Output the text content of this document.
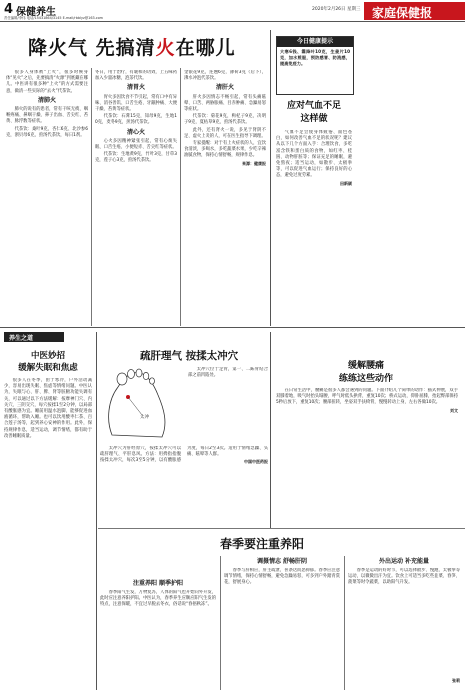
4 保健养生
责任编辑/李伟 电话/15431864/3145 E-mail/rbblyz@163.com
2020年2月26日 星期三 家庭保健报
降火气 先搞清火在哪儿

很多人身体被“上火”，很多时候身体“见火”之后，先要搞清“火源”到底藏在哪儿。中医讲有很多种“上火”的方式需要注意，做清一些实际的“去火”代茶饮。

清肺火

肺火的说有的患者，常有干咳无痰、咽喉疼痛、鼻咽干燥、鼻子出血、舌尖红、苔黄、脉浮数等症状。

代茶饮：桑叶9克、杏仁6克、北沙参6克，浙贝母6克，煎汤代茶饮，每日1剂。

冬日，用于治疗，有暖和的功效，上五味药加入少量冰糖，泡茶代饮。

清胃火

胃火多因饮食不节引起，常有口中有异味、消谷善饥、口舌生疮、牙龈肿痛、大便干燥、苔黄等症状。

代茶饮：石膏15克，知母9克，生地10克，麦冬9克，煎汤代茶饮。

清心火

心火多因精神紧张引起，常有心烦失眠、口舌生疮、小便短赤、舌尖红等症状。

代茶饮：生地黄9克，竹叶3克，甘草3克，莲子心3克，煎汤代茶饮。

金银花9克，连翘6克，薄荷3克（后下），沸水冲泡代茶饮。

清肝火

肝火多因情志不畅引起，常有头痛眩晕、口苦、两胁胀痛、目赤肿痛、急躁易怒等症状。

代茶饮：菊花9克，枸杞子9克，决明子9克，夏枯草9克，煎汤代茶饮。

此外，还有肾火一说，多见于肾阴不足、虚火上炎的人，可在医生指导下调理。

专家提醒：对于有上火症状的人，宜饮食清淡，多喝水，多吃蔬菜水果，少吃辛辣油腻食物，保持心情舒畅，规律作息。

来源：健康报
今日健康提示
大寒6钱、霜降叶10克，生姜片10克，加水煎服，预防感冒、防流感，提高免疫力。
应对气血不足
这样做

气血不足会使身体疲倦、面色苍白，如何改善气血不足的状况呢？建议从以下几个方面入手：合理饮食，多吃富含铁和蛋白质的食物，如红枣、桂圆、动物肝脏等；保证充足的睡眠，避免熬夜；适当运动，如散步、太极拳等，可以促进气血运行；保持良好的心态，避免过度劳累。

田新颖
养生之道
中医妙招
缓解失眠和焦虑

很多人在冬季，由于寒冷，户外活动减少，容易出现失眠、焦虑等情绪问题。中医认为，失眠与心、肝、脾、肾等脏腑功能失调有关，可以通过以下方法缓解：按摩神门穴、内关穴、三阴交穴，每穴按揉1至2分钟，以局部有酸胀感为宜。睡前用温水泡脚，能够促进血液循环，帮助入睡。也可以饮用酸枣仁茶、百合莲子汤等，起到养心安神的作用。此外，保持规律作息，适当运动，调节情绪，都有助于改善睡眠质量。

疏肝理气 按揉太冲穴
太冲

太冲穴位于足背，第一、二跖骨结合部之前凹陷处。

太冲穴为肝经原穴，按揉太冲穴可以疏肝理气、平肝息风。方法：用拇指指腹按揉太冲穴，每次3至5分钟，以有酸胀感为度，每日2至3次。适用于情绪急躁、头痛、眩晕等人群。

中国中医药报
缓解腰痛
练练这些动作

在日常生活中，腰痛是很多人都会遇到的问题。下面介绍几个简单的动作：猫式伸展，双手双膝着地，吸气时抬头塌腰，呼气时低头拱背，重复10次；桥式运动，仰卧屈膝，抬起臀部保持5秒后放下，重复10次；腰部扭转，坐姿双手扶椅背，慢慢转动上身，左右各做10次。

刘文
春季要注重养阳
注重养阳 顺季护阳
春季阳气生发，万物复苏，人体的阳气也开始向外升发，此时应注意养阳护阳。中医认为，春季养生应顺应阳气生发的特点，注意保暖，不宜过早脱去冬衣，俗话说“春捂秋冻”。
调摄情志 舒畅肝阴
春季与肝相应，肝主疏泄，喜条达而恶抑郁。春季应注意调节情绪，保持心情舒畅，避免急躁易怒，可多到户外踏青赏花，舒展身心。
外出运动 补充能量
春季是运动的好时节，可以选择散步、慢跑、太极拳等运动，以微微出汗为宜。饮食上可适当多吃些韭菜、春笋、菠菜等时令蔬菜，以助阳气升发。
张莉
